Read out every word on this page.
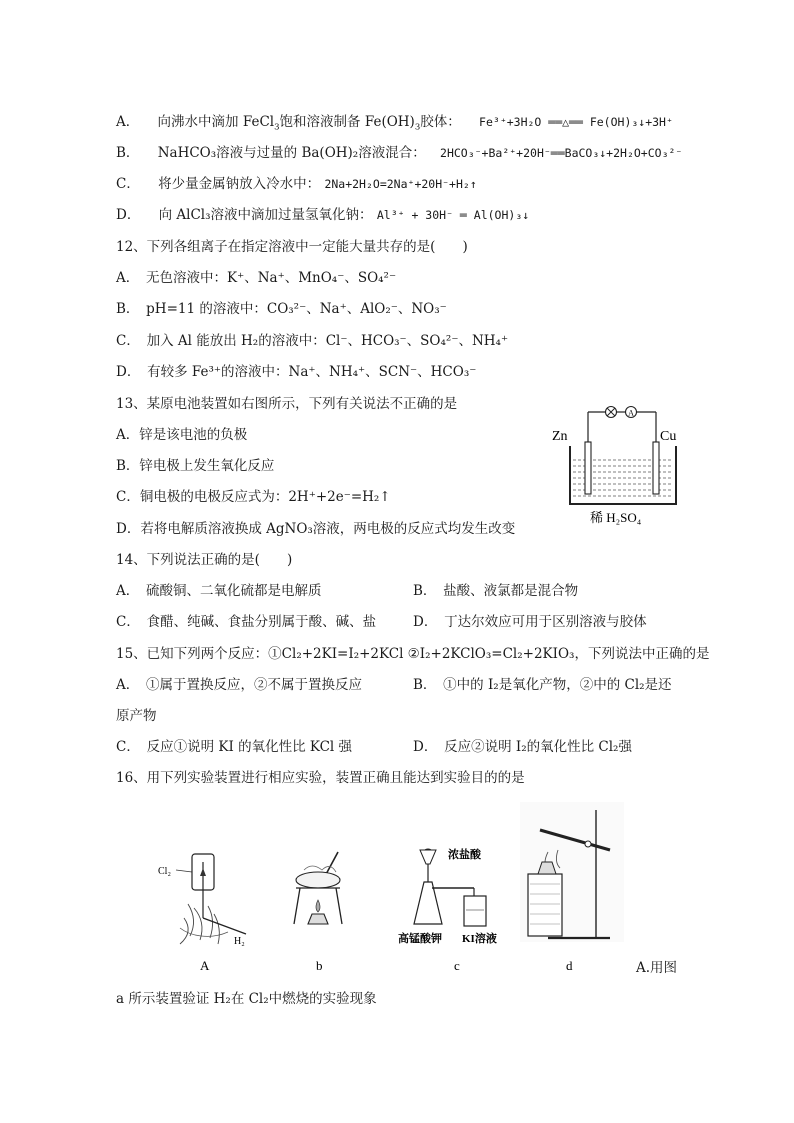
A． 向沸水中滴加 FeCl$_3$饱和溶液制备 $Fe(OH)_3$胶体： Fe³⁺+3H₂O ══△══ Fe(OH)₃↓+3H⁺
B． NaHCO₃溶液与过量的 Ba(OH)₂溶液混合： 2HCO₃⁻+Ba²⁺+20H⁻══BaCO₃↓+2H₂O+CO₃²⁻
C． 将少量金属钠放入冷水中： 2Na+2H₂O=2Na⁺+20H⁻+H₂↑
D． 向 AlCl₃溶液中滴加过量氢氧化钠： Al³⁺ + 30H⁻ ═ Al(OH)₃↓
12、下列各组离子在指定溶液中一定能大量共存的是(　　)
A．　无色溶液中：K⁺、Na⁺、MnO₄⁻、SO₄²⁻
B．　pH=11 的溶液中：CO₃²⁻、Na⁺、AlO₂⁻、NO₃⁻
C．　加入 Al 能放出 H₂的溶液中：Cl⁻、HCO₃⁻、SO₄²⁻、NH₄⁺
D．　有较多 Fe³⁺的溶液中：Na⁺、NH₄⁺、SCN⁻、HCO₃⁻
13、某原电池装置如右图所示，下列有关说法不正确的是
A．锌是该电池的负极
B．锌电极上发生氧化反应
C．铜电极的电极反应式为：2H⁺+2e⁻=H₂↑
D．若将电解质溶液换成 AgNO₃溶液，两电极的反应式均发生改变
A
Zn	Cu
稀 H₂SO₄
14、下列说法正确的是(　　)
A．　硫酸铜、二氧化硫都是电解质	B．　盐酸、液氯都是混合物
C．　食醋、纯碱、食盐分别属于酸、碱、盐	D．　丁达尔效应可用于区别溶液与胶体
15、已知下列两个反应：①Cl₂+2KI=I₂+2KCl ②I₂+2KClO₃=Cl₂+2KIO₃，下列说法中正确的是
A．　①属于置换反应，②不属于置换反应	B．　①中的 I₂是氧化产物，②中的 Cl₂是还
原产物
C．　反应①说明 KI 的氧化性比 KCl 强	D．　反应②说明 I₂的氧化性比 Cl₂强
16、用下列实验装置进行相应实验，装置正确且能达到实验目的的是
Cl₂
H₂
A	b
浓盐酸
高锰酸钾 KI溶液
c	d	A.用图
a 所示装置验证 H₂在 Cl₂中燃烧的实验现象
